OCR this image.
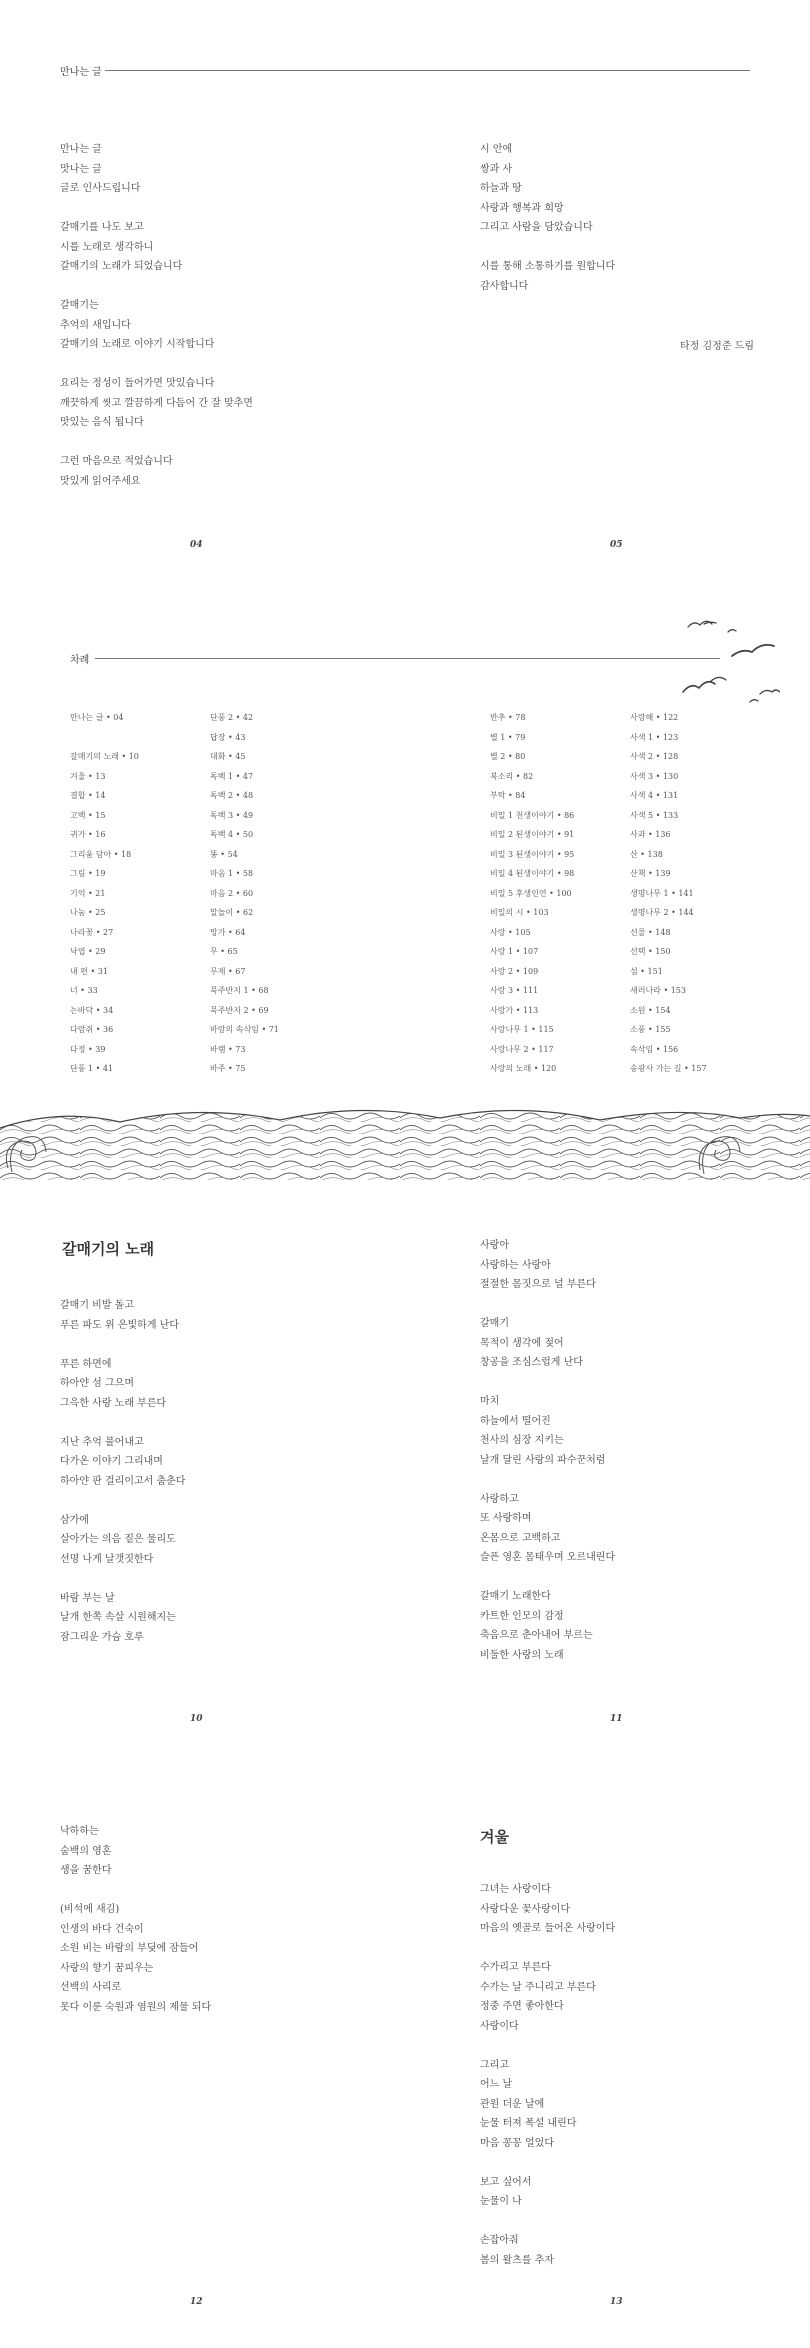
만나는 글

만나는 글
맛나는 글
글로 인사드립니다

갈매기를 나도 보고
시를 노래로 생각하니
갈매기의 노래가 되었습니다

갈매기는
추억의 새입니다
갈매기의 노래로 이야기 시작합니다

요리는 정성이 들어가면 맛있습니다
깨끗하게 씻고 깔끔하게 다듬어 간 잘 맞추면
맛있는 음식 됩니다

그런 마음으로 적었습니다
맛있게 읽어주세요

시 안에
쌍과 사
하늘과 땅
사랑과 행복과 희망
그리고 사람을 담았습니다

시를 통해 소통하기를 원합니다
감사합니다

타정 김정준 드림
04	05
차례
만나는 글 • 04
갈매기의 노래 • 10
겨울 • 13
결합 • 14
고백 • 15
귀가 • 16
그리움 담아 • 18
그림 • 19
기억 • 21
나눔 • 25
나라꽃 • 27
낙엽 • 29
내 편 • 31
너 • 33
논바닥 • 34
다람쥐 • 36
다정 • 39
단풍 1 • 41
단풍 2 • 42
답장 • 43
대화 • 45
독백 1 • 47
독백 2 • 48
독백 3 • 49
독백 4 • 50
똥 • 54
마음 1 • 58
마음 2 • 60
말놀이 • 62
망가 • 64
무 • 65
무제 • 67
묵주반지 1 • 68
묵주반지 2 • 69
바람의 속삭임 • 71
바램 • 73
바주 • 75
반추 • 78
별 1 • 79
별 2 • 80
북소리 • 82
부탁 • 84
비밀 1 천생이야기 • 86
비밀 2 된생이야기 • 91
비밀 3 된생이야기 • 95
비밀 4 된생이야기 • 98
비밀 5 후생인연 • 100
비밀의 시 • 103
사랑 • 105
사랑 1 • 107
사랑 2 • 109
사랑 3 • 111
사랑가 • 113
사랑나무 1 • 115
사랑나무 2 • 117
사랑의 노래 • 120
사랑해 • 122
사색 1 • 123
사색 2 • 128
사색 3 • 130
사색 4 • 131
사색 5 • 133
사과 • 136
산 • 138
산책 • 139
생명나무 1 • 141
생명나무 2 • 144
선물 • 148
선택 • 150
섬 • 151
새러나라 • 153
소원 • 154
소풍 • 155
속삭임 • 156
송광사 가는 길 • 157
갈매기의 노래

갈매기 비발 돌고
푸른 파도 위 은빛하게 난다

푸른 하면에
하아얀 섬 그으며
그윽한 사랑 노래 부른다

지난 추억 불어내고
다가온 이야기 그리내며
하아얀 판 걸리이고서 춤춘다

삼가에
살아가는 의음 짙은 물리도
선명 나게 날갯짓한다

바람 부는 날
날개 한쪽 속살 시원해지는
잠그리운 가슴 호루

사랑아
사랑하는 사랑아
절절한 몸짓으로 널 부른다

갈매기
목적이 생각에 젖어
창공을 조심스럽게 난다

마치
하늘에서 떨어진
천사의 심장 지키는
날개 달린 사랑의 파수꾼처럼

사랑하고
또 사랑하며
온몸으로 고백하고
슬픈 영혼 몸태우며 오르내린다

갈매기 노래한다
카트한 인모의 감정
축음으로 춘아내어 부르는
비둘한 사랑의 노래

10	11

낙하하는
숨백의 영혼
생을 꿈한다

(비석에 새김)
인생의 바다 건숙이
소원 비는 바람의 부딪에 잠들어
사랑의 향기 꿈피우는
선백의 사리로
못다 이룬 숙원과 염원의 제물 되다

겨울

그녀는 사랑이다
사랑다운 꽃사랑이다
마음의 옛골로 들어온 사랑이다

수가리고 부른다
수가는 날 주니리고 부른다
정중 주면 좋아한다
사랑이다

그리고
어느 날
관원 더운 날에
눈물 터져 폭설 내린다
마음 꽁꽁 얼었다

보고 싶어서
눈물이 나

손잡아줘
봄의 왈츠를 추자

12	13
